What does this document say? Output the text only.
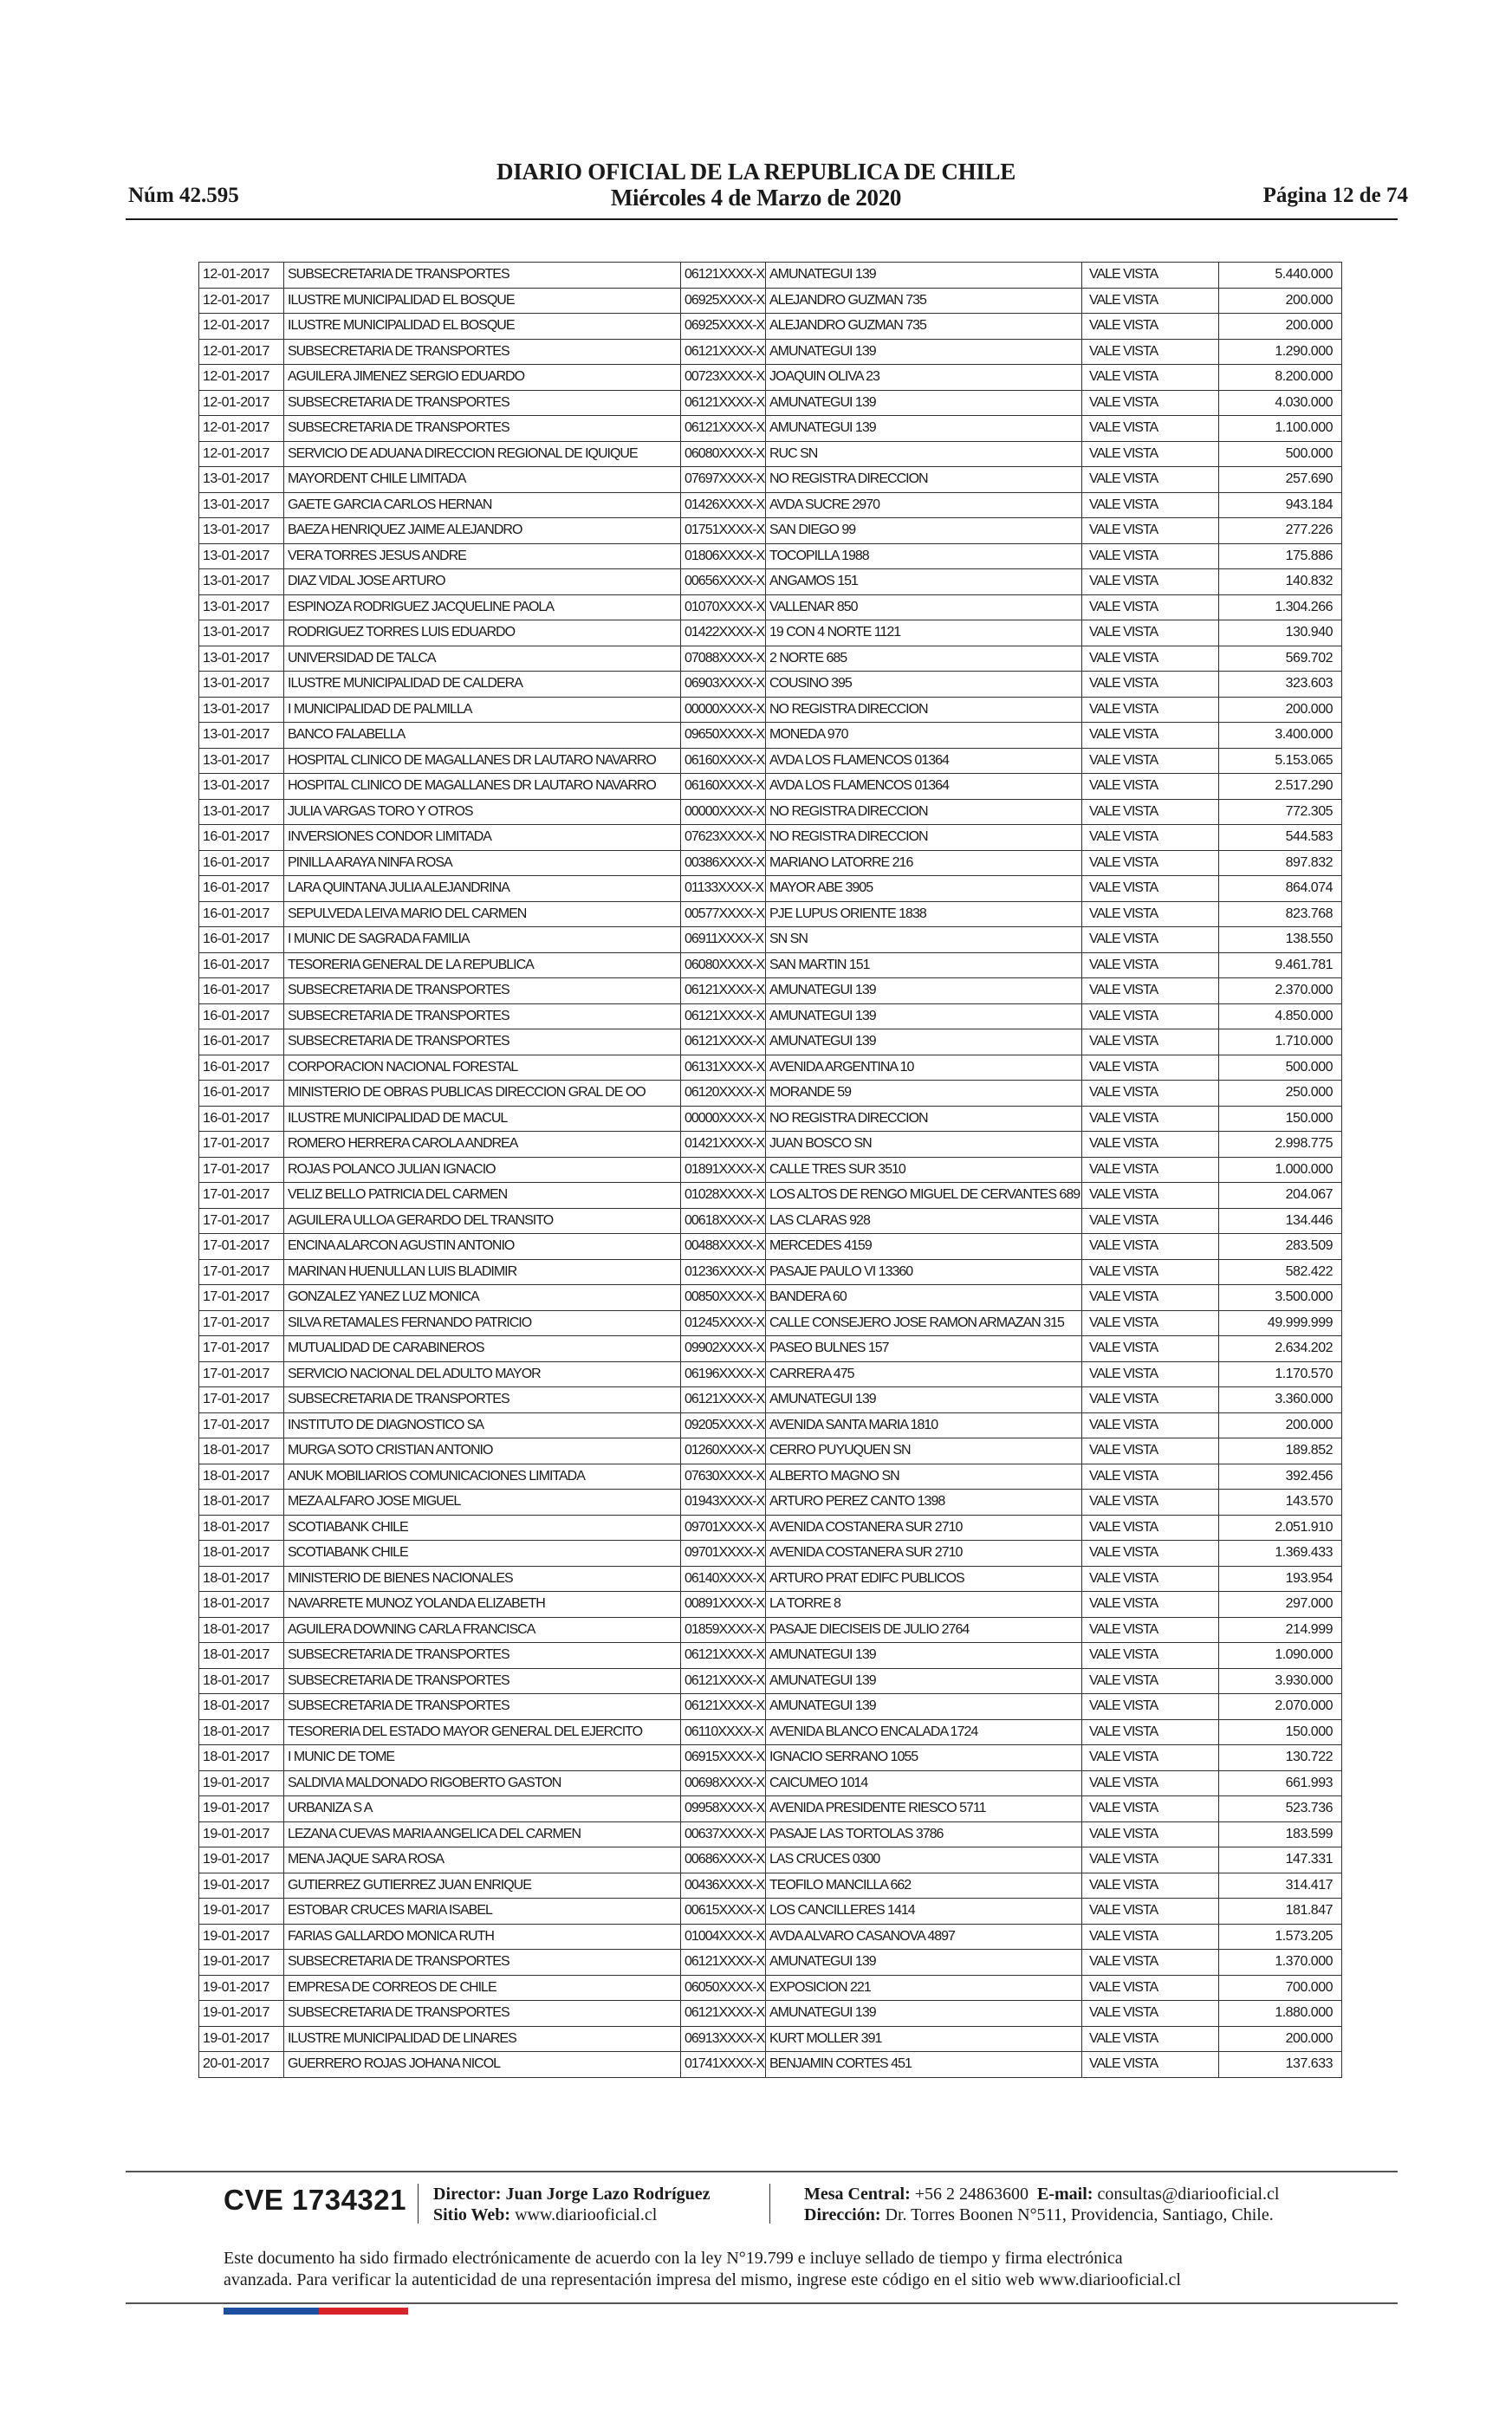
Núm 42.595
DIARIO OFICIAL DE LA REPUBLICA DE CHILE
Miércoles 4 de Marzo de 2020	Página 12 de 74
12-01-2017	SUBSECRETARIA DE TRANSPORTES	06121XXXX-X	AMUNATEGUI 139	VALE VISTA	5.440.000
12-01-2017	ILUSTRE MUNICIPALIDAD EL BOSQUE	06925XXXX-X	ALEJANDRO GUZMAN 735	VALE VISTA	200.000
12-01-2017	ILUSTRE MUNICIPALIDAD EL BOSQUE	06925XXXX-X	ALEJANDRO GUZMAN 735	VALE VISTA	200.000
12-01-2017	SUBSECRETARIA DE TRANSPORTES	06121XXXX-X	AMUNATEGUI 139	VALE VISTA	1.290.000
12-01-2017	AGUILERA JIMENEZ SERGIO EDUARDO	00723XXXX-X	JOAQUIN OLIVA 23	VALE VISTA	8.200.000
12-01-2017	SUBSECRETARIA DE TRANSPORTES	06121XXXX-X	AMUNATEGUI 139	VALE VISTA	4.030.000
12-01-2017	SUBSECRETARIA DE TRANSPORTES	06121XXXX-X	AMUNATEGUI 139	VALE VISTA	1.100.000
12-01-2017	SERVICIO DE ADUANA DIRECCION REGIONAL DE IQUIQUE	06080XXXX-X	RUC SN	VALE VISTA	500.000
13-01-2017	MAYORDENT CHILE LIMITADA	07697XXXX-X	NO REGISTRA DIRECCION	VALE VISTA	257.690
13-01-2017	GAETE GARCIA CARLOS HERNAN	01426XXXX-X	AVDA SUCRE 2970	VALE VISTA	943.184
13-01-2017	BAEZA HENRIQUEZ JAIME ALEJANDRO	01751XXXX-X	SAN DIEGO 99	VALE VISTA	277.226
13-01-2017	VERA TORRES JESUS ANDRE	01806XXXX-X	TOCOPILLA 1988	VALE VISTA	175.886
13-01-2017	DIAZ VIDAL JOSE ARTURO	00656XXXX-X	ANGAMOS 151	VALE VISTA	140.832
13-01-2017	ESPINOZA RODRIGUEZ JACQUELINE PAOLA	01070XXXX-X	VALLENAR 850	VALE VISTA	1.304.266
13-01-2017	RODRIGUEZ TORRES LUIS EDUARDO	01422XXXX-X	19 CON 4 NORTE 1121	VALE VISTA	130.940
13-01-2017	UNIVERSIDAD DE TALCA	07088XXXX-X	2 NORTE 685	VALE VISTA	569.702
13-01-2017	ILUSTRE MUNICIPALIDAD DE CALDERA	06903XXXX-X	COUSINO 395	VALE VISTA	323.603
13-01-2017	I MUNICIPALIDAD DE PALMILLA	00000XXXX-X	NO REGISTRA DIRECCION	VALE VISTA	200.000
13-01-2017	BANCO FALABELLA	09650XXXX-X	MONEDA 970	VALE VISTA	3.400.000
13-01-2017	HOSPITAL CLINICO DE MAGALLANES DR LAUTARO NAVARRO	06160XXXX-X	AVDA LOS FLAMENCOS 01364	VALE VISTA	5.153.065
13-01-2017	HOSPITAL CLINICO DE MAGALLANES DR LAUTARO NAVARRO	06160XXXX-X	AVDA LOS FLAMENCOS 01364	VALE VISTA	2.517.290
13-01-2017	JULIA VARGAS TORO Y OTROS	00000XXXX-X	NO REGISTRA DIRECCION	VALE VISTA	772.305
16-01-2017	INVERSIONES CONDOR LIMITADA	07623XXXX-X	NO REGISTRA DIRECCION	VALE VISTA	544.583
16-01-2017	PINILLA ARAYA NINFA ROSA	00386XXXX-X	MARIANO LATORRE 216	VALE VISTA	897.832
16-01-2017	LARA QUINTANA JULIA ALEJANDRINA	01133XXXX-X	MAYOR ABE 3905	VALE VISTA	864.074
16-01-2017	SEPULVEDA LEIVA MARIO DEL CARMEN	00577XXXX-X	PJE LUPUS ORIENTE 1838	VALE VISTA	823.768
16-01-2017	I MUNIC DE SAGRADA FAMILIA	06911XXXX-X	SN SN	VALE VISTA	138.550
16-01-2017	TESORERIA GENERAL DE LA REPUBLICA	06080XXXX-X	SAN MARTIN 151	VALE VISTA	9.461.781
16-01-2017	SUBSECRETARIA DE TRANSPORTES	06121XXXX-X	AMUNATEGUI 139	VALE VISTA	2.370.000
16-01-2017	SUBSECRETARIA DE TRANSPORTES	06121XXXX-X	AMUNATEGUI 139	VALE VISTA	4.850.000
16-01-2017	SUBSECRETARIA DE TRANSPORTES	06121XXXX-X	AMUNATEGUI 139	VALE VISTA	1.710.000
16-01-2017	CORPORACION NACIONAL FORESTAL	06131XXXX-X	AVENIDA ARGENTINA 10	VALE VISTA	500.000
16-01-2017	MINISTERIO DE OBRAS PUBLICAS DIRECCION GRAL DE OO	06120XXXX-X	MORANDE 59	VALE VISTA	250.000
16-01-2017	ILUSTRE MUNICIPALIDAD DE MACUL	00000XXXX-X	NO REGISTRA DIRECCION	VALE VISTA	150.000
17-01-2017	ROMERO HERRERA CAROLA ANDREA	01421XXXX-X	JUAN BOSCO SN	VALE VISTA	2.998.775
17-01-2017	ROJAS POLANCO JULIAN IGNACIO	01891XXXX-X	CALLE TRES SUR 3510	VALE VISTA	1.000.000
17-01-2017	VELIZ BELLO PATRICIA DEL CARMEN	01028XXXX-X	LOS ALTOS DE RENGO MIGUEL DE CERVANTES 689	VALE VISTA	204.067
17-01-2017	AGUILERA ULLOA GERARDO DEL TRANSITO	00618XXXX-X	LAS CLARAS 928	VALE VISTA	134.446
17-01-2017	ENCINA ALARCON AGUSTIN ANTONIO	00488XXXX-X	MERCEDES 4159	VALE VISTA	283.509
17-01-2017	MARINAN HUENULLAN LUIS BLADIMIR	01236XXXX-X	PASAJE PAULO VI 13360	VALE VISTA	582.422
17-01-2017	GONZALEZ YANEZ LUZ MONICA	00850XXXX-X	BANDERA 60	VALE VISTA	3.500.000
17-01-2017	SILVA RETAMALES FERNANDO PATRICIO	01245XXXX-X	CALLE CONSEJERO JOSE RAMON ARMAZAN 315	VALE VISTA	49.999.999
17-01-2017	MUTUALIDAD DE CARABINEROS	09902XXXX-X	PASEO BULNES 157	VALE VISTA	2.634.202
17-01-2017	SERVICIO NACIONAL DEL ADULTO MAYOR	06196XXXX-X	CARRERA 475	VALE VISTA	1.170.570
17-01-2017	SUBSECRETARIA DE TRANSPORTES	06121XXXX-X	AMUNATEGUI 139	VALE VISTA	3.360.000
17-01-2017	INSTITUTO DE DIAGNOSTICO SA	09205XXXX-X	AVENIDA SANTA MARIA 1810	VALE VISTA	200.000
18-01-2017	MURGA SOTO CRISTIAN ANTONIO	01260XXXX-X	CERRO PUYUQUEN SN	VALE VISTA	189.852
18-01-2017	ANUK MOBILIARIOS COMUNICACIONES LIMITADA	07630XXXX-X	ALBERTO MAGNO SN	VALE VISTA	392.456
18-01-2017	MEZA ALFARO JOSE MIGUEL	01943XXXX-X	ARTURO PEREZ CANTO 1398	VALE VISTA	143.570
18-01-2017	SCOTIABANK CHILE	09701XXXX-X	AVENIDA COSTANERA SUR 2710	VALE VISTA	2.051.910
18-01-2017	SCOTIABANK CHILE	09701XXXX-X	AVENIDA COSTANERA SUR 2710	VALE VISTA	1.369.433
18-01-2017	MINISTERIO DE BIENES NACIONALES	06140XXXX-X	ARTURO PRAT EDIFC PUBLICOS	VALE VISTA	193.954
18-01-2017	NAVARRETE MUNOZ YOLANDA ELIZABETH	00891XXXX-X	LA TORRE 8	VALE VISTA	297.000
18-01-2017	AGUILERA DOWNING CARLA FRANCISCA	01859XXXX-X	PASAJE DIECISEIS DE JULIO 2764	VALE VISTA	214.999
18-01-2017	SUBSECRETARIA DE TRANSPORTES	06121XXXX-X	AMUNATEGUI 139	VALE VISTA	1.090.000
18-01-2017	SUBSECRETARIA DE TRANSPORTES	06121XXXX-X	AMUNATEGUI 139	VALE VISTA	3.930.000
18-01-2017	SUBSECRETARIA DE TRANSPORTES	06121XXXX-X	AMUNATEGUI 139	VALE VISTA	2.070.000
18-01-2017	TESORERIA DEL ESTADO MAYOR GENERAL DEL EJERCITO	06110XXXX-X	AVENIDA BLANCO ENCALADA 1724	VALE VISTA	150.000
18-01-2017	I MUNIC DE TOME	06915XXXX-X	IGNACIO SERRANO 1055	VALE VISTA	130.722
19-01-2017	SALDIVIA MALDONADO RIGOBERTO GASTON	00698XXXX-X	CAICUMEO 1014	VALE VISTA	661.993
19-01-2017	URBANIZA S A	09958XXXX-X	AVENIDA PRESIDENTE RIESCO 5711	VALE VISTA	523.736
19-01-2017	LEZANA CUEVAS MARIA ANGELICA DEL CARMEN	00637XXXX-X	PASAJE LAS TORTOLAS 3786	VALE VISTA	183.599
19-01-2017	MENA JAQUE SARA ROSA	00686XXXX-X	LAS CRUCES 0300	VALE VISTA	147.331
19-01-2017	GUTIERREZ GUTIERREZ JUAN ENRIQUE	00436XXXX-X	TEOFILO MANCILLA 662	VALE VISTA	314.417
19-01-2017	ESTOBAR CRUCES MARIA ISABEL	00615XXXX-X	LOS CANCILLERES 1414	VALE VISTA	181.847
19-01-2017	FARIAS GALLARDO MONICA RUTH	01004XXXX-X	AVDA ALVARO CASANOVA 4897	VALE VISTA	1.573.205
19-01-2017	SUBSECRETARIA DE TRANSPORTES	06121XXXX-X	AMUNATEGUI 139	VALE VISTA	1.370.000
19-01-2017	EMPRESA DE CORREOS DE CHILE	06050XXXX-X	EXPOSICION 221	VALE VISTA	700.000
19-01-2017	SUBSECRETARIA DE TRANSPORTES	06121XXXX-X	AMUNATEGUI 139	VALE VISTA	1.880.000
19-01-2017	ILUSTRE MUNICIPALIDAD DE LINARES	06913XXXX-X	KURT MOLLER 391	VALE VISTA	200.000
20-01-2017	GUERRERO ROJAS JOHANA NICOL	01741XXXX-X	BENJAMIN CORTES 451	VALE VISTA	137.633
CVE 1734321 Director: Juan Jorge Lazo Rodríguez
Sitio Web: www.diariooficial.cl
Mesa Central: +56 2 24863600 E-mail: consultas@diariooficial.cl
Dirección: Dr. Torres Boonen N°511, Providencia, Santiago, Chile.
Este documento ha sido firmado electrónicamente de acuerdo con la ley N°19.799 e incluye sellado de tiempo y firma electrónica
avanzada. Para verificar la autenticidad de una representación impresa del mismo, ingrese este código en el sitio web www.diariooficial.cl
